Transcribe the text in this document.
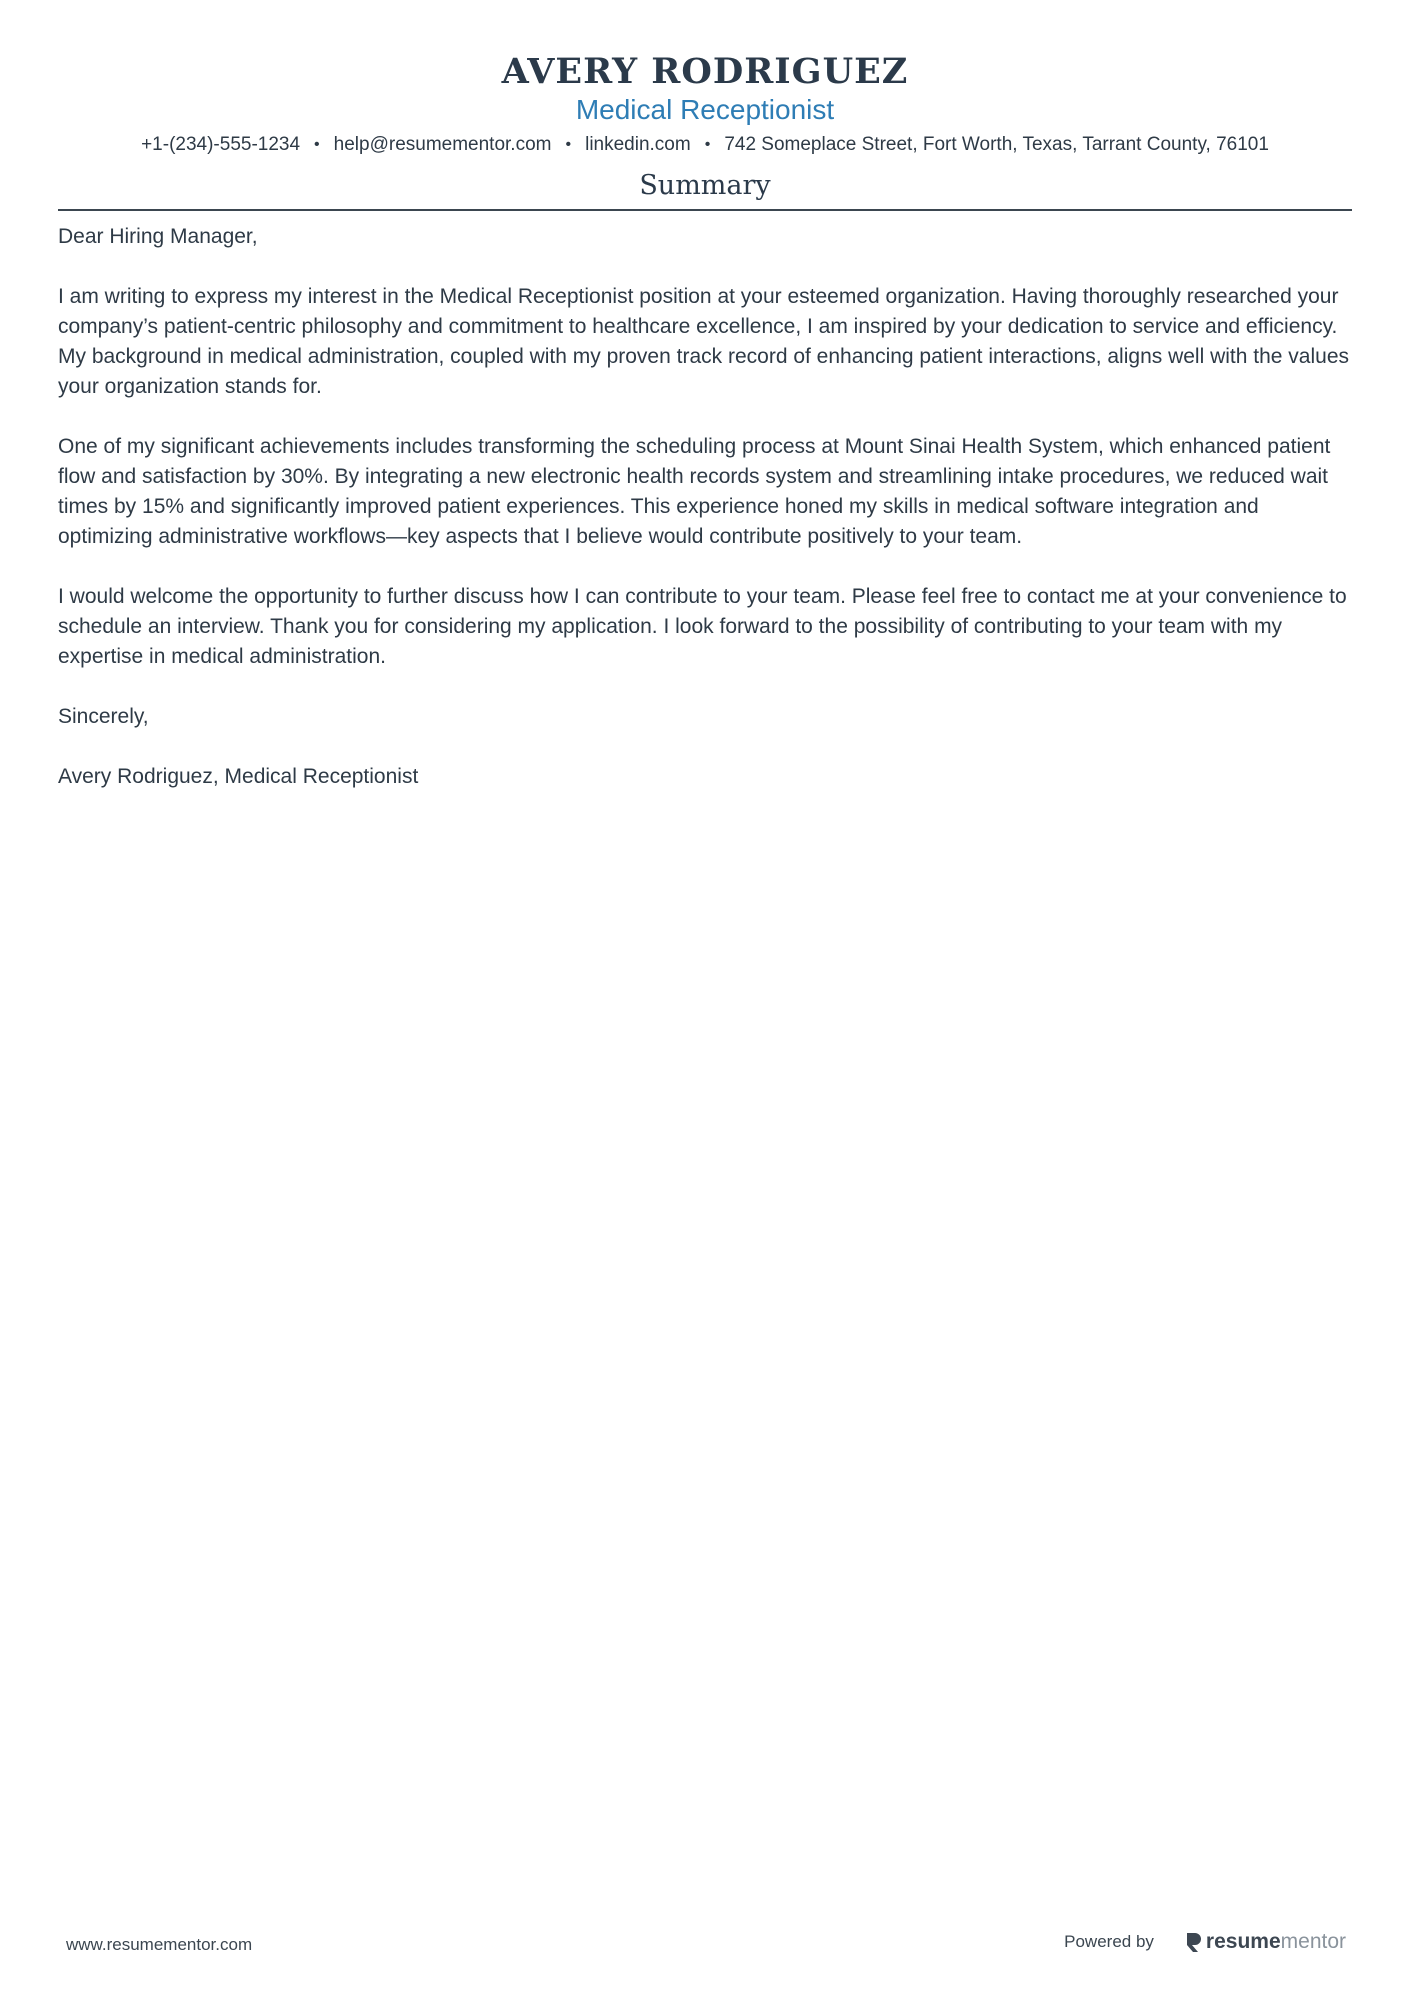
AVERY RODRIGUEZ
Medical Receptionist
+1-(234)-555-1234 • help@resumementor.com • linkedin.com • 742 Someplace Street, Fort Worth, Texas, Tarrant County, 76101
Summary

Dear Hiring Manager,

I am writing to express my interest in the Medical Receptionist position at your esteemed organization. Having thoroughly researched your company’s patient-centric philosophy and commitment to healthcare excellence, I am inspired by your dedication to service and efficiency. My background in medical administration, coupled with my proven track record of enhancing patient interactions, aligns well with the values your organization stands for.

One of my significant achievements includes transforming the scheduling process at Mount Sinai Health System, which enhanced patient flow and satisfaction by 30%. By integrating a new electronic health records system and streamlining intake procedures, we reduced wait times by 15% and significantly improved patient experiences. This experience honed my skills in medical software integration and optimizing administrative workflows—key aspects that I believe would contribute positively to your team.

I would welcome the opportunity to further discuss how I can contribute to your team. Please feel free to contact me at your convenience to schedule an interview. Thank you for considering my application. I look forward to the possibility of contributing to your team with my expertise in medical administration.

Sincerely,

Avery Rodriguez, Medical Receptionist

www.resumementor.com	Powered by resume mentor
